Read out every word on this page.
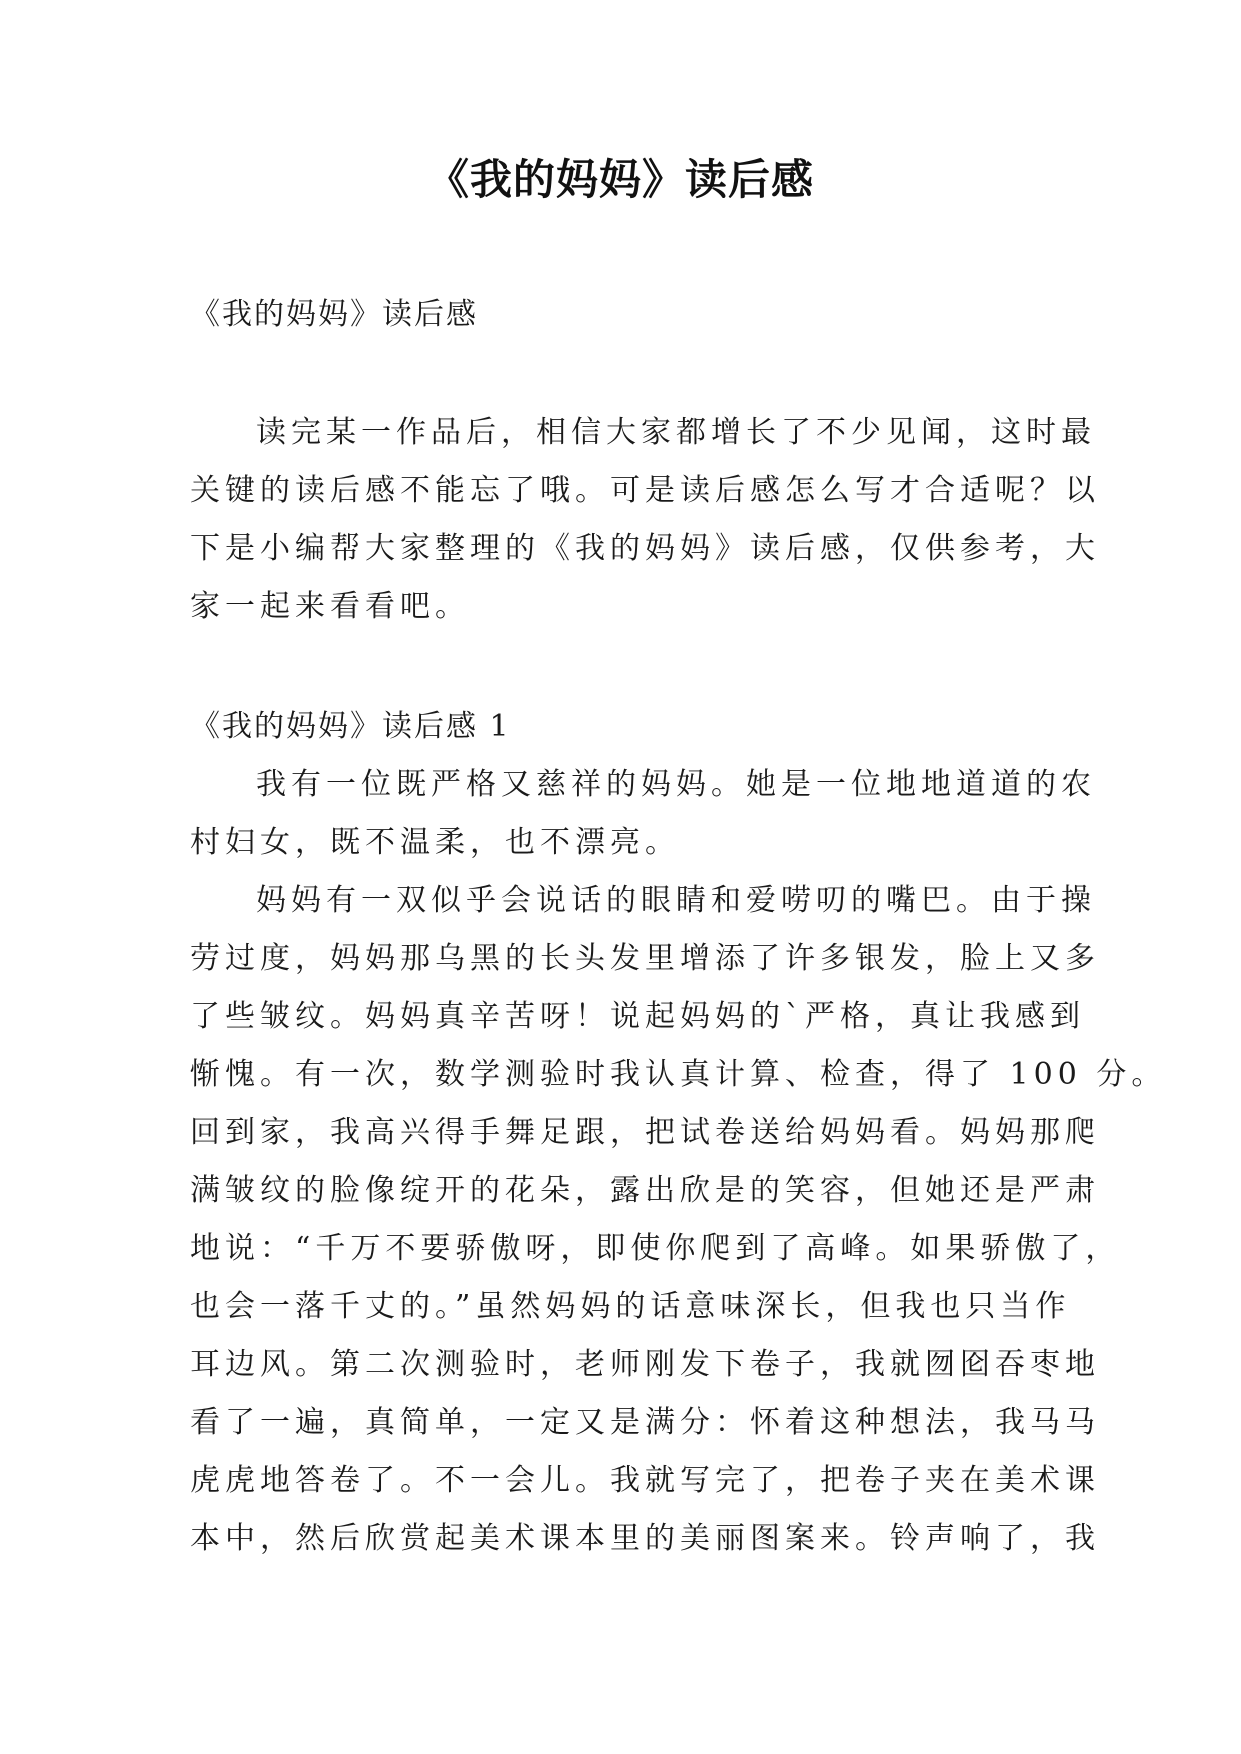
《我的妈妈》读后感
《我的妈妈》读后感
读完某一作品后，相信大家都增长了不少见闻，这时最
关键的读后感不能忘了哦。可是读后感怎么写才合适呢？以
下是小编帮大家整理的《我的妈妈》读后感，仅供参考，大
家一起来看看吧。
《我的妈妈》读后感 1
我有一位既严格又慈祥的妈妈。她是一位地地道道的农
村妇女，既不温柔，也不漂亮。
妈妈有一双似乎会说话的眼睛和爱唠叨的嘴巴。由于操
劳过度，妈妈那乌黑的长头发里增添了许多银发，脸上又多
了些皱纹。妈妈真辛苦呀！说起妈妈的`严格，真让我感到
惭愧。有一次，数学测验时我认真计算、检查，得了 100 分。
回到家，我高兴得手舞足跟，把试卷送给妈妈看。妈妈那爬
满皱纹的脸像绽开的花朵，露出欣是的笑容，但她还是严肃
地说：“千万不要骄傲呀，即使你爬到了高峰。如果骄傲了，
也会一落千丈的。”虽然妈妈的话意味深长，但我也只当作
耳边风。第二次测验时，老师刚发下卷子，我就囫囵吞枣地
看了一遍，真简单，一定又是满分：怀着这种想法，我马马
虎虎地答卷了。不一会儿。我就写完了，把卷子夹在美术课
本中，然后欣赏起美术课本里的美丽图案来。铃声响了，我
